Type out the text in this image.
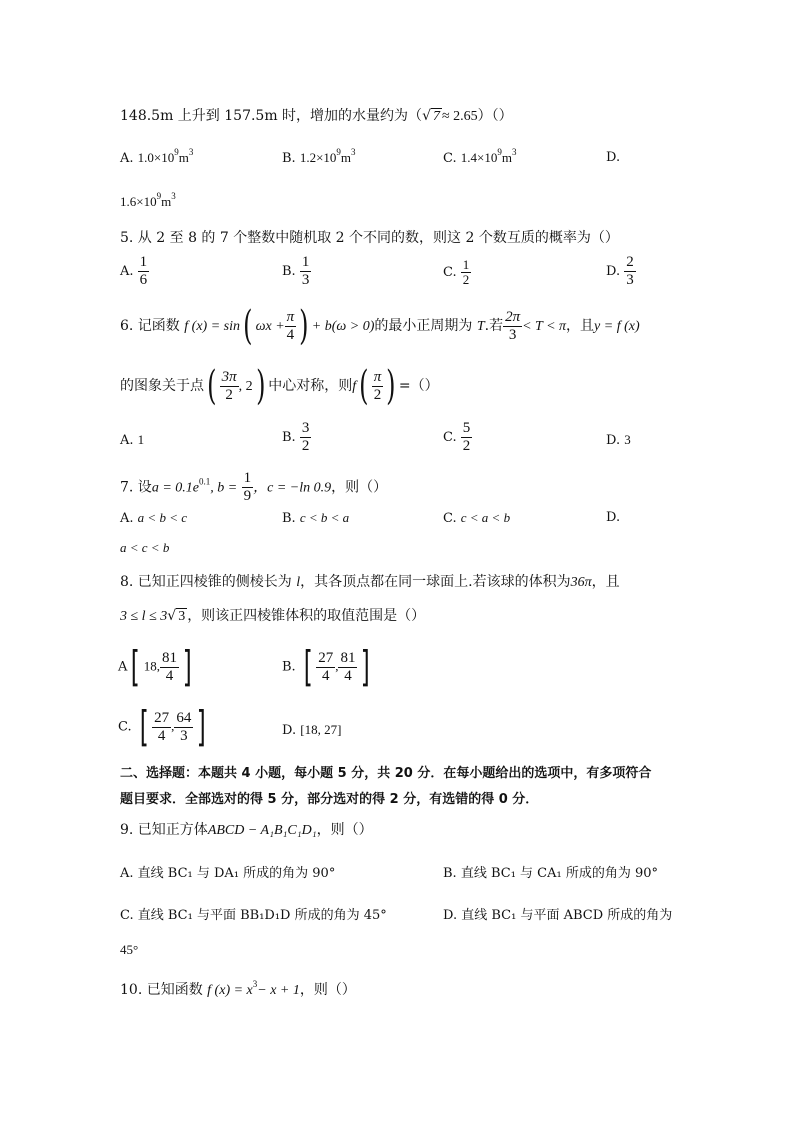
148.5m 上升到 157.5m 时，增加的水量约为（√ 7 ≈ 2.65）（）
A. $1.0\times 10^9m^3$	B. $1.2\times 10^9m^3$	C. $1.4\times 10^9m^3$	D.
$1.6\times 10^9m^3$
5. 从 2 至 8 的 7 个整数中随机取 2 个不同的数，则这 2 个数互质的概率为（）
A. $\frac{1}{6}$	B. $\frac{1}{3}$	C. $\frac{1}{2}$	D. $\frac{2}{3}$
6. 记函数 f (x) = sin( $\omega x + \frac{\pi}{4}$ ) + b(ω > 0)的最小正周期为 T.若 $\frac{2\pi}{3} < T < \pi$，且y = f (x)
的图象关于点( $\frac{3\pi}{2}$ , 2) 中心对称，则$f( \frac{\pi}{2}$ ) =（）
A. 1	B. $\frac{3}{2}$	C. $\frac{5}{2}$	D. 3
7. 设$a = 0.1e^{0.1}$, $b = \frac{1}{9}$ ，c = −ln 0.9，则（）
A. a < b < c	B. c < b < a	C. c < a < b	D.
a < c < b
8. 已知正四棱锥的侧棱长为 l，其各顶点都在同一球面上.若该球的体积为36π，且
3 ≤ l ≤ 3√ 3 ，则该正四棱锥体积的取值范围是（）
A[ 18, $\frac{81}{4}$ ]	B. [ $\frac{27}{4}$ , $\frac{81}{4}$ ]
C. [ $\frac{27}{4}$ , $\frac{64}{3}$ ]	D. [18, 27]
二、选择题：本题共 4 小题，每小题 5 分，共 20 分．在每小题给出的选项中，有多项符合
题目要求．全部选对的得 5 分，部分选对的得 2 分，有选错的得 0 分．
9. 已知正方体ABCD − A₁B₁C₁D₁，则（）
A. 直线 BC₁ 与 DA₁ 所成的角为 90°	B. 直线 BC₁ 与 CA₁ 所成的角为 90°
C. 直线 BC₁ 与平面 BB₁D₁D 所成的角为 45°	D. 直线 BC₁ 与平面 ABCD 所成的角为
45°
10. 已知函数 f $(x) = x^3- x + 1$，则（）
